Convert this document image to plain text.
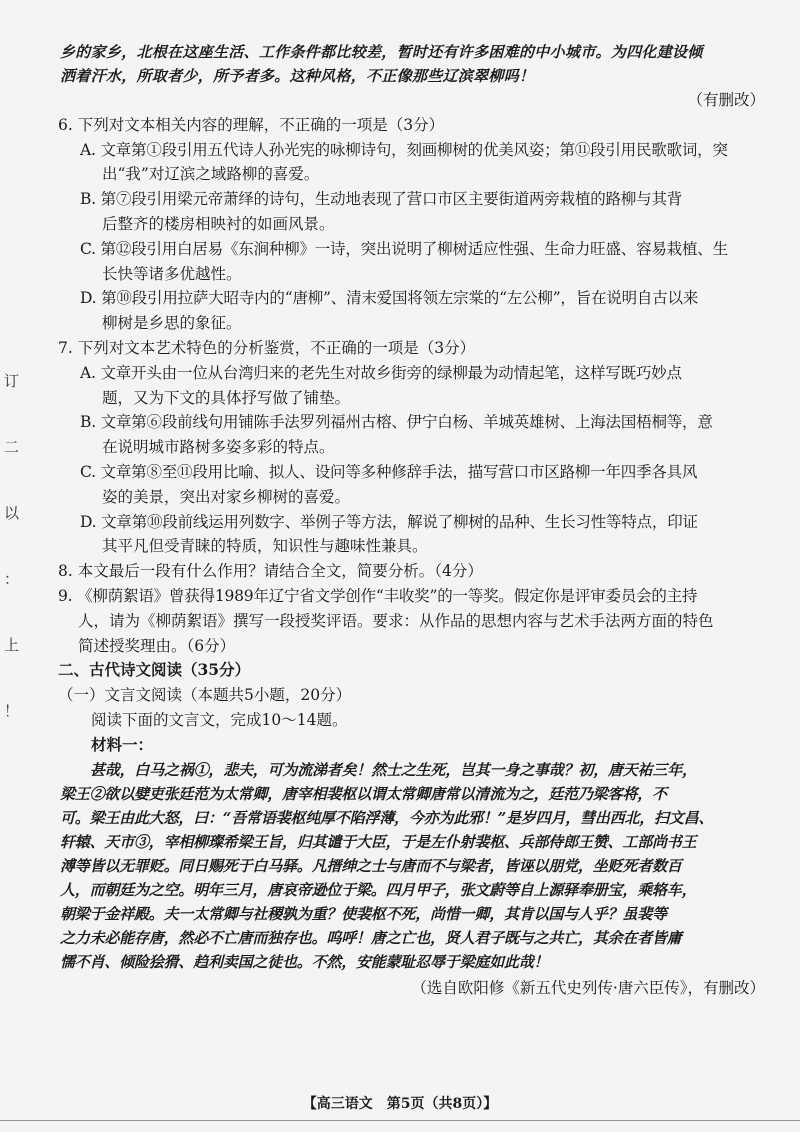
订
二
以
：
上
！

乡的家乡，北根在这座生活、工作条件都比较差，暂时还有许多困难的中小城市。为四化建设倾

洒着汗水，所取者少，所予者多。这种风格，不正像那些辽滨翠柳吗！

（有删改）

6. 下列对文本相关内容的理解，不正确的一项是（3分）

A. 文章第①段引用五代诗人孙光宪的咏柳诗句，刻画柳树的优美风姿；第⑪段引用民歌歌词，突

出“我”对辽滨之域路柳的喜爱。

B. 第⑦段引用梁元帝萧绎的诗句，生动地表现了营口市区主要街道两旁栽植的路柳与其背

后整齐的楼房相映衬的如画风景。

C. 第⑫段引用白居易《东涧种柳》一诗，突出说明了柳树适应性强、生命力旺盛、容易栽植、生

长快等诸多优越性。

D. 第⑩段引用拉萨大昭寺内的“唐柳”、清末爱国将领左宗棠的“左公柳”，旨在说明自古以来

柳树是乡思的象征。

7. 下列对文本艺术特色的分析鉴赏，不正确的一项是（3分）

A. 文章开头由一位从台湾归来的老先生对故乡街旁的绿柳最为动情起笔，这样写既巧妙点

题，又为下文的具体抒写做了铺垫。

B. 文章第⑥段前线句用铺陈手法罗列福州古榕、伊宁白杨、羊城英雄树、上海法国梧桐等，意

在说明城市路树多姿多彩的特点。

C. 文章第⑧至⑪段用比喻、拟人、设问等多种修辞手法，描写营口市区路柳一年四季各具风

姿的美景，突出对家乡柳树的喜爱。

D. 文章第⑩段前线运用列数字、举例子等方法，解说了柳树的品种、生长习性等特点，印证

其平凡但受青睐的特质，知识性与趣味性兼具。

8. 本文最后一段有什么作用？请结合全文，简要分析。（4分）

9. 《柳荫絮语》曾获得1989年辽宁省文学创作“丰收奖”的一等奖。假定你是评审委员会的主持

人，请为《柳荫絮语》撰写一段授奖评语。要求：从作品的思想内容与艺术手法两方面的特色

简述授奖理由。（6分）

二、古代诗文阅读（35分）

（一）文言文阅读（本题共5小题，20分）

阅读下面的文言文，完成10～14题。

材料一：

甚哉，白马之祸①，悲夫，可为流涕者矣！然士之生死，岂其一身之事哉？初，唐天祐三年，

梁王②欲以嬖吏张廷范为太常卿，唐宰相裴枢以谓太常卿唐常以清流为之，廷范乃梁客将，不

可。梁王由此大怒，曰：“吾常语裴枢纯厚不陷浮薄，今亦为此邪！”是岁四月，彗出西北，扫文昌、

轩辕、天市③，宰相柳璨希梁王旨，归其谴于大臣，于是左仆射裴枢、兵部侍郎王赞、工部尚书王

溥等皆以无罪贬。同日赐死于白马驿。凡搢绅之士与唐而不与梁者，皆诬以朋党，坐贬死者数百

人，而朝廷为之空。明年三月，唐哀帝逊位于梁。四月甲子，张文蔚等自上源驿奉册宝，乘辂车，

朝梁于金祥殿。夫一太常卿与社稷孰为重？使裴枢不死，尚惜一卿，其肯以国与人乎？虽裴等

之力未必能存唐，然必不亡唐而独存也。呜呼！唐之亡也，贤人君子既与之共亡，其余在者皆庸

懦不肖、倾险狯猾、趋利卖国之徒也。不然，安能蒙耻忍辱于梁庭如此哉！

（选自欧阳修《新五代史列传·唐六臣传》，有删改）

【高三语文　第5页（共8页）】
